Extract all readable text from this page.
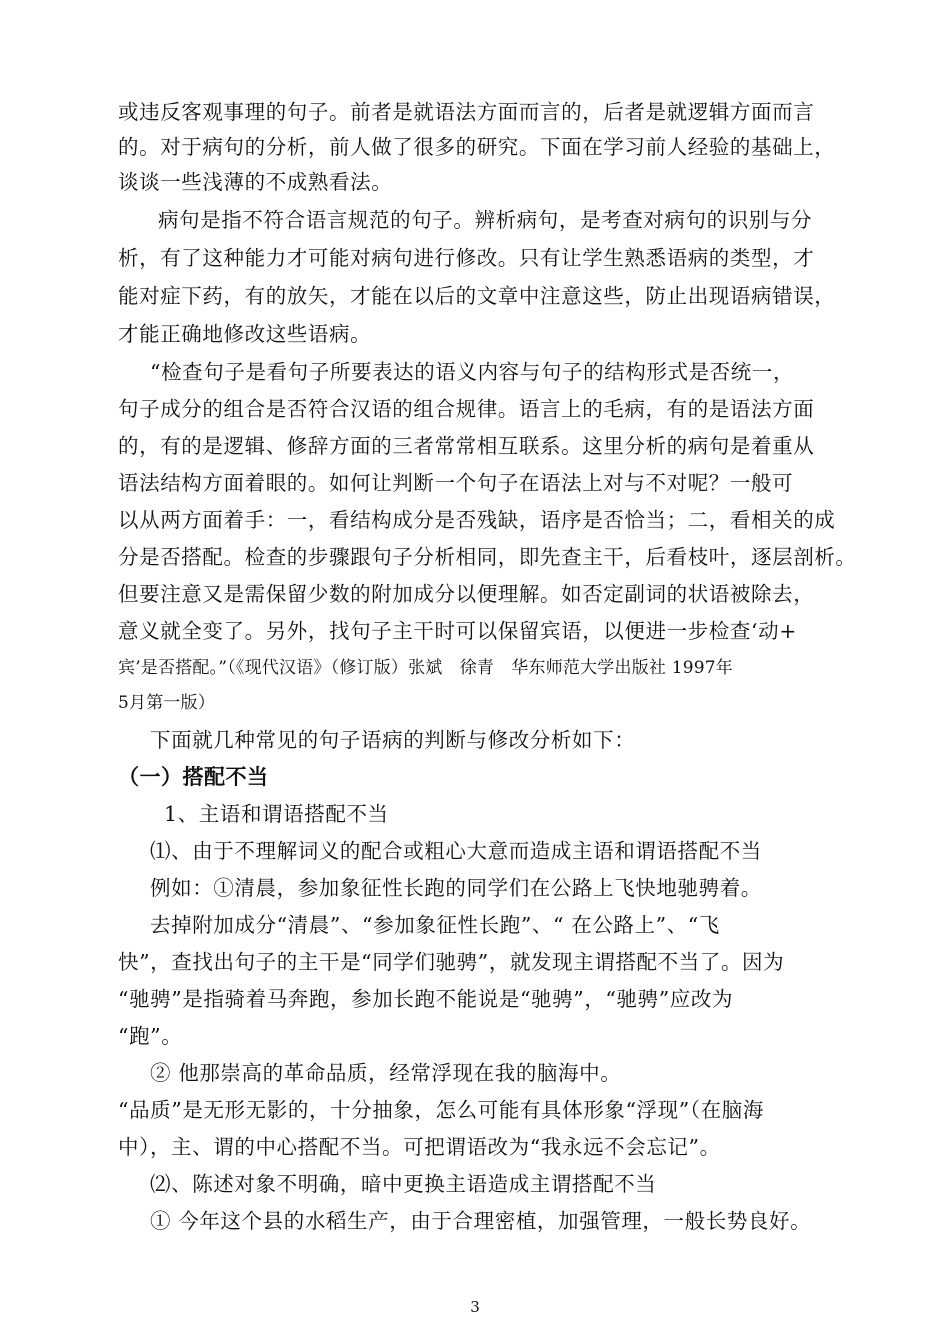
或违反客观事理的句子。前者是就语法方面而言的，后者是就逻辑方面而言
的。对于病句的分析，前人做了很多的研究。下面在学习前人经验的基础上，
谈谈一些浅薄的不成熟看法。
病句是指不符合语言规范的句子。辨析病句，是考查对病句的识别与分
析，有了这种能力才可能对病句进行修改。只有让学生熟悉语病的类型，才
能对症下药，有的放矢，才能在以后的文章中注意这些，防止出现语病错误，
才能正确地修改这些语病。
“检查句子是看句子所要表达的语义内容与句子的结构形式是否统一，
句子成分的组合是否符合汉语的组合规律。语言上的毛病，有的是语法方面
的，有的是逻辑、修辞方面的三者常常相互联系。这里分析的病句是着重从
语法结构方面着眼的。如何让判断一个句子在语法上对与不对呢？一般可
以从两方面着手：一，看结构成分是否残缺，语序是否恰当；二，看相关的成
分是否搭配。检查的步骤跟句子分析相同，即先查主干，后看枝叶，逐层剖析。
但要注意又是需保留少数的附加成分以便理解。如否定副词的状语被除去，
意义就全变了。另外，找句子主干时可以保留宾语，以便进一步检查‘动+
宾’是否搭配。”（《现代汉语》（修订版）张斌　徐青　华东师范大学出版社 1997年
5月第一版）
下面就几种常见的句子语病的判断与修改分析如下：
（一）搭配不当
1、主语和谓语搭配不当
⑴、由于不理解词义的配合或粗心大意而造成主语和谓语搭配不当
例如：①清晨，参加象征性长跑的同学们在公路上飞快地驰骋着。
去掉附加成分“清晨”、“参加象征性长跑”、“ 在公路上”、“飞
快”，查找出句子的主干是“同学们驰骋”，就发现主谓搭配不当了。因为
“驰骋”是指骑着马奔跑，参加长跑不能说是“驰骋”，“驰骋”应改为
“跑”。
② 他那崇高的革命品质，经常浮现在我的脑海中。
“品质”是无形无影的，十分抽象，怎么可能有具体形象“浮现”（在脑海
中），主、谓的中心搭配不当。可把谓语改为“我永远不会忘记”。
⑵、陈述对象不明确，暗中更换主语造成主谓搭配不当
① 今年这个县的水稻生产，由于合理密植，加强管理，一般长势良好。
3
